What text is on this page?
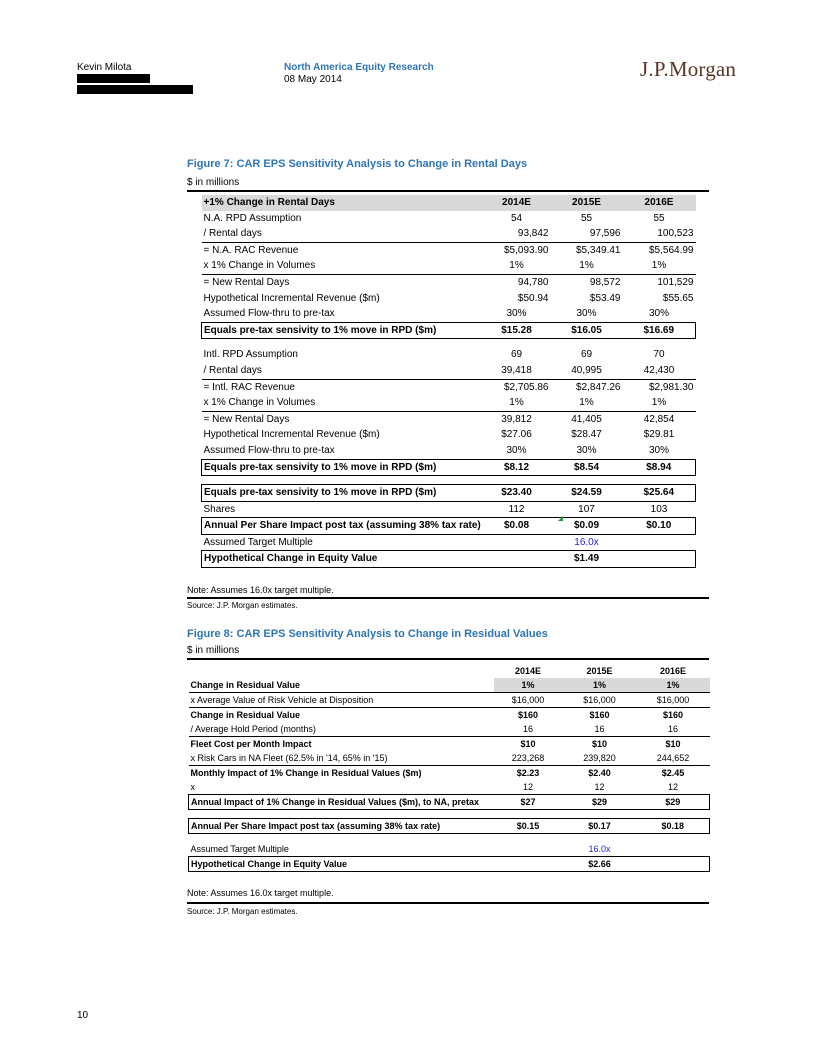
Kevin Milota	North America Equity Research
08 May 2014	J.P.Morgan
Figure 7: CAR EPS Sensitivity Analysis to Change in Rental Days
$ in millions
+1% Change in Rental Days	2014E	2015E	2016E
N.A. RPD Assumption	54	55	55
/ Rental days	93,842	97,596	100,523
= N.A. RAC Revenue	$5,093.90	$5,349.41	$5,564.99
x 1% Change in Volumes	1%	1%	1%
= New Rental Days	94,780	98,572	101,529
Hypothetical Incremental Revenue ($m)	$50.94	$53.49	$55.65
Assumed Flow-thru to pre-tax	30%	30%	30%
Equals pre-tax sensivity to 1% move in RPD ($m)	$15.28	$16.05	$16.69

Intl. RPD Assumption	69	69	70
/ Rental days	39,418	40,995	42,430
= Intl. RAC Revenue	$2,705.86	$2,847.26	$2,981.30
x 1% Change in Volumes	1%	1%	1%
= New Rental Days	39,812	41,405	42,854
Hypothetical Incremental Revenue ($m)	$27.06	$28.47	$29.81
Assumed Flow-thru to pre-tax	30%	30%	30%
Equals pre-tax sensivity to 1% move in RPD ($m)	$8.12	$8.54	$8.94

Equals pre-tax sensivity to 1% move in RPD ($m)	$23.40	$24.59	$25.64
Shares	112	107	103
Annual Per Share Impact post tax (assuming 38% tax rate)	$0.08	$0.09	$0.10
Assumed Target Multiple		16.0x	
Hypothetical Change in Equity Value		$1.49	
Note: Assumes 16.0x target multiple.
Source: J.P. Morgan estimates.
Figure 8: CAR EPS Sensitivity Analysis to Change in Residual Values
$ in millions
	2014E	2015E	2016E
Change in Residual Value	1%	1%	1%
x Average Value of Risk Vehicle at Disposition	$16,000	$16,000	$16,000
Change in Residual Value	$160	$160	$160
/ Average Hold Period (months)	16	16	16
Fleet Cost per Month Impact	$10	$10	$10
x Risk Cars in NA Fleet (62.5% in '14, 65% in '15)	223,268	239,820	244,652
Monthly Impact of 1% Change in Residual Values ($m)	$2.23	$2.40	$2.45
x	12	12	12
Annual Impact of 1% Change in Residual Values ($m), to NA, pretax	$27	$29	$29

Annual Per Share Impact post tax (assuming 38% tax rate)	$0.15	$0.17	$0.18

Assumed Target Multiple		16.0x	
Hypothetical Change in Equity Value		$2.66	
Note: Assumes 16.0x target multiple.
Source: J.P. Morgan estimates.
10
